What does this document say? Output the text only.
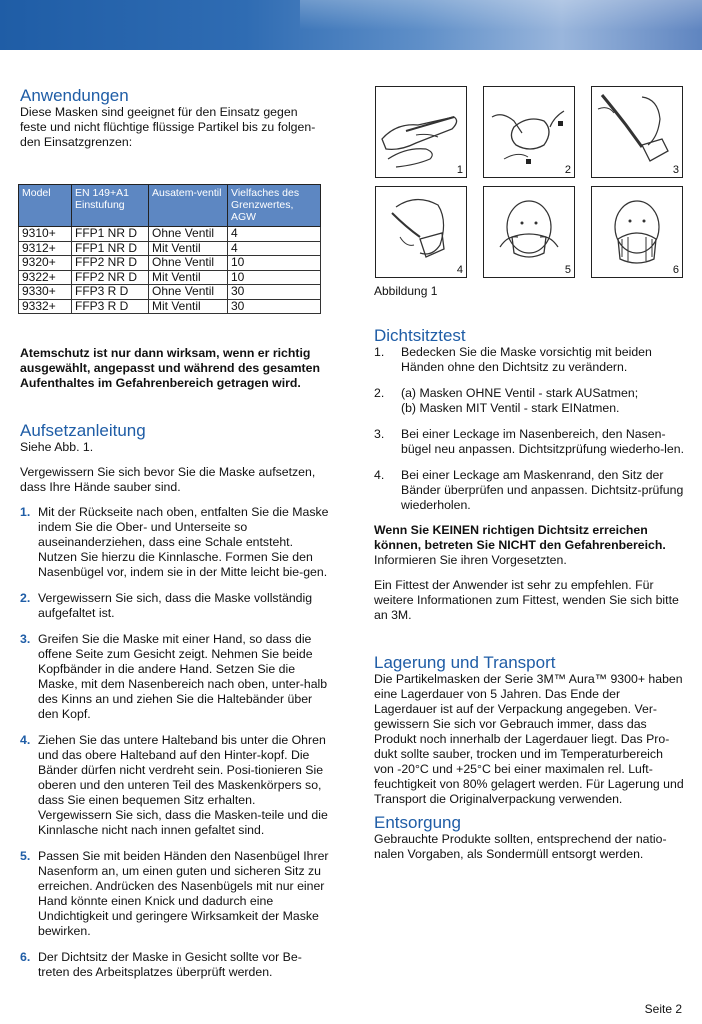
Anwendungen

Diese Masken sind geeignet für den Einsatz gegen feste und nicht flüchtige flüssige Partikel bis zu folgen-den Einsatzgrenzen:

Model	EN 149+A1 Einstufung	Ausatem-ventil	Vielfaches des Grenzwertes, AGW
9310+	FFP1 NR D	Ohne Ventil	4
9312+	FFP1 NR D	Mit Ventil	4
9320+	FFP2 NR D	Ohne Ventil	10
9322+	FFP2 NR D	Mit Ventil	10
9330+	FFP3 R D	Ohne Ventil	30
9332+	FFP3 R D	Mit Ventil	30

Atemschutz ist nur dann wirksam, wenn er richtig ausgewählt, angepasst und während des gesamten Aufenthaltes im Gefahrenbereich getragen wird.

Aufsetzanleitung

Siehe Abb. 1.

Vergewissern Sie sich bevor Sie die Maske aufsetzen, dass Ihre Hände sauber sind.

1. Mit der Rückseite nach oben, entfalten Sie die Maske indem Sie die Ober- und Unterseite so auseinanderziehen, dass eine Schale entsteht. Nutzen Sie hierzu die Kinnlasche. Formen Sie den Nasenbügel vor, indem sie in der Mitte leicht bie-gen.
2. Vergewissern Sie sich, dass die Maske vollständig aufgefaltet ist.
3. Greifen Sie die Maske mit einer Hand, so dass die offene Seite zum Gesicht zeigt. Nehmen Sie beide Kopfbänder in die andere Hand. Setzen Sie die Maske, mit dem Nasenbereich nach oben, unter-halb des Kinns an und ziehen Sie die Haltebänder über den Kopf.
4. Ziehen Sie das untere Halteband bis unter die Ohren und das obere Halteband auf den Hinter-kopf. Die Bänder dürfen nicht verdreht sein. Posi-tionieren Sie oberen und den unteren Teil des Maskenkörpers so, dass Sie einen bequemen Sitz erhalten. Vergewissern Sie sich, dass die Masken-teile und die Kinnlasche nicht nach innen gefaltet sind.
5. Passen Sie mit beiden Händen den Nasenbügel Ihrer Nasenform an, um einen guten und sicheren Sitz zu erreichen. Andrücken des Nasenbügels mit nur einer Hand könnte einen Knick und dadurch eine Undichtigkeit und geringere Wirksamkeit der Maske bewirken.
6. Der Dichtsitz der Maske in Gesicht sollte vor Be-treten des Arbeitsplatzes überprüft werden.
1	2	3
4	5	6
Abbildung 1
Dichtsitztest
1. Bedecken Sie die Maske vorsichtig mit beiden Händen ohne den Dichtsitz zu verändern.
2. (a) Masken OHNE Ventil - stark AUSatmen;
(b) Masken MIT Ventil - stark EINatmen.
3. Bei einer Leckage im Nasenbereich, den Nasen-bügel neu anpassen. Dichtsitzprüfung wiederho-len.
4. Bei einer Leckage am Maskenrand, den Sitz der Bänder überprüfen und anpassen. Dichtsitz-prüfung wiederholen.

Wenn Sie KEINEN richtigen Dichtsitz erreichen können, betreten Sie NICHT den Gefahrenbereich. Informieren Sie ihren Vorgesetzten.

Ein Fittest der Anwender ist sehr zu empfehlen. Für weitere Informationen zum Fittest, wenden Sie sich bitte an 3M.

Lagerung und Transport

Die Partikelmasken der Serie 3M™ Aura™ 9300+ haben eine Lagerdauer von 5 Jahren. Das Ende der Lagerdauer ist auf der Verpackung angegeben. Ver-gewissern Sie sich vor Gebrauch immer, dass das Produkt noch innerhalb der Lagerdauer liegt. Das Pro-dukt sollte sauber, trocken und im Temperaturbereich von -20°C und +25°C bei einer maximalen rel. Luft-feuchtigkeit von 80% gelagert werden. Für Lagerung und Transport die Originalverpackung verwenden.

Entsorgung

Gebrauchte Produkte sollten, entsprechend der natio-nalen Vorgaben, als Sondermüll entsorgt werden.

Seite 2
